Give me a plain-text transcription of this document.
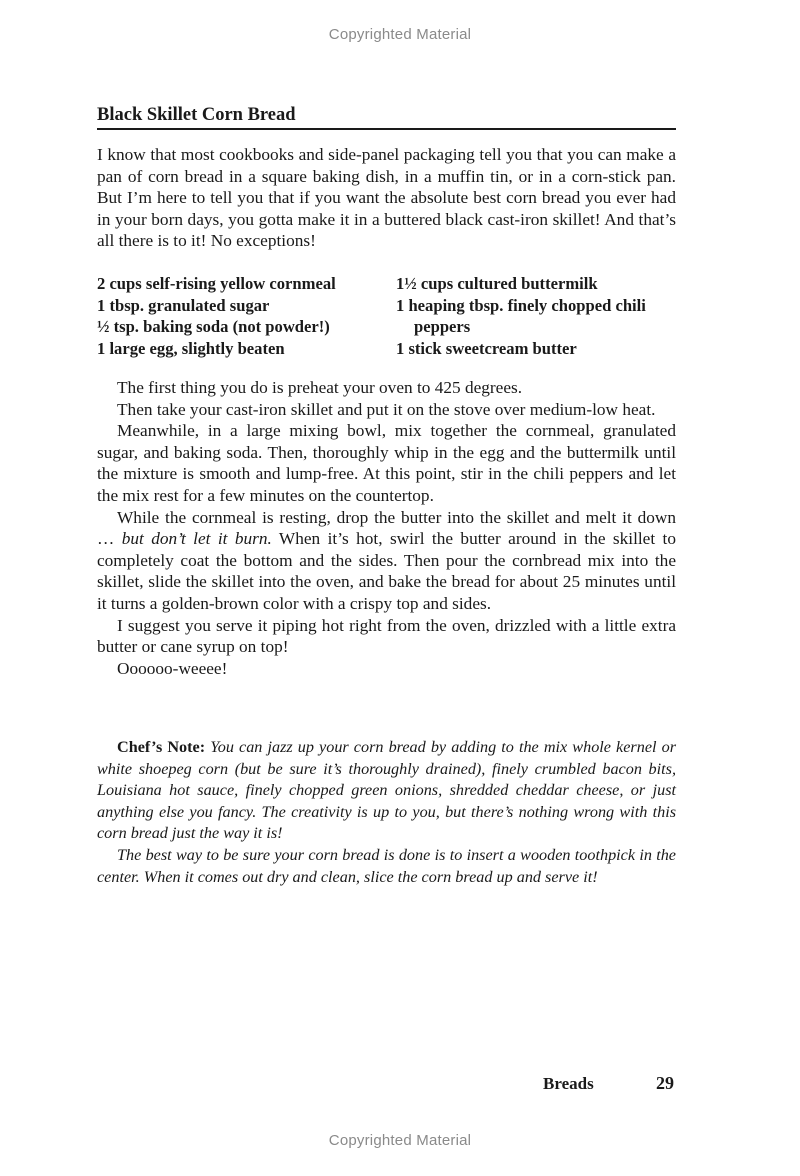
Copyrighted Material
Black Skillet Corn Bread
I know that most cookbooks and side-panel packaging tell you that you can make a pan of corn bread in a square baking dish, in a muffin tin, or in a corn-stick pan. But I’m here to tell you that if you want the absolute best corn bread you ever had in your born days, you gotta make it in a buttered black cast-iron skillet! And that’s all there is to it! No exceptions!
2 cups self-rising yellow cornmeal
1 tbsp. granulated sugar
½ tsp. baking soda (not powder!)
1 large egg, slightly beaten
1½ cups cultured buttermilk
1 heaping tbsp. finely chopped chili
peppers
1 stick sweetcream butter

The first thing you do is preheat your oven to 425 degrees.

Then take your cast-iron skillet and put it on the stove over medium-low heat.

Meanwhile, in a large mixing bowl, mix together the cornmeal, granulated sugar, and baking soda. Then, thoroughly whip in the egg and the buttermilk until the mixture is smooth and lump-free. At this point, stir in the chili peppers and let the mix rest for a few minutes on the countertop.

While the cornmeal is resting, drop the butter into the skillet and melt it down … but don’t let it burn. When it’s hot, swirl the butter around in the skillet to completely coat the bottom and the sides. Then pour the cornbread mix into the skillet, slide the skillet into the oven, and bake the bread for about 25 minutes until it turns a golden-brown color with a crispy top and sides.

I suggest you serve it piping hot right from the oven, drizzled with a little extra butter or cane syrup on top!

Oooooo-weeee!

Chef’s Note: You can jazz up your corn bread by adding to the mix whole kernel or white shoepeg corn (but be sure it’s thoroughly drained), finely crumbled bacon bits, Louisiana hot sauce, finely chopped green onions, shredded cheddar cheese, or just anything else you fancy. The creativity is up to you, but there’s nothing wrong with this corn bread just the way it is!

The best way to be sure your corn bread is done is to insert a wooden toothpick in the center. When it comes out dry and clean, slice the corn bread up and serve it!

Breads	29
Copyrighted Material
